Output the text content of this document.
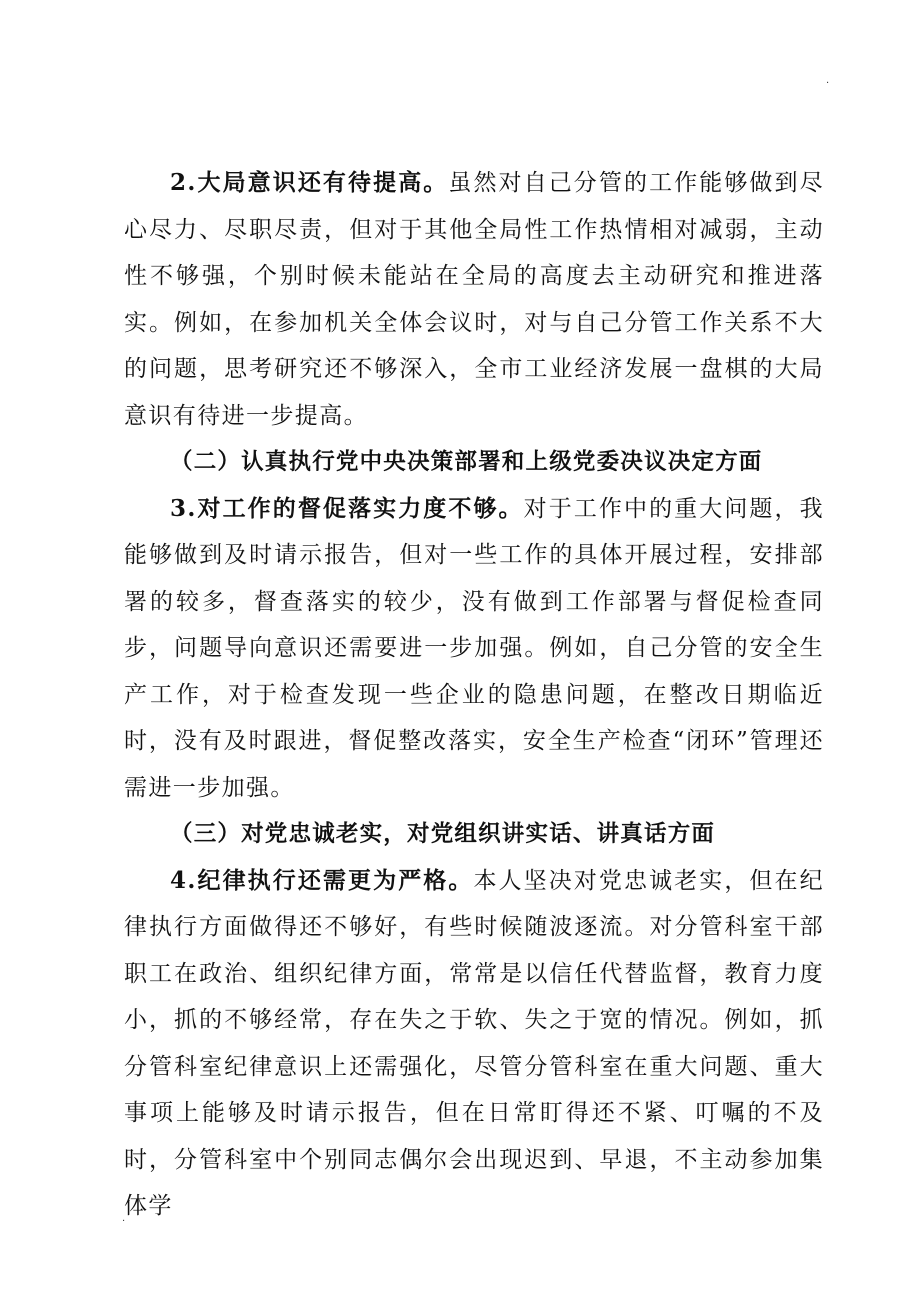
.

2.大局意识还有待提高。虽然对自己分管的工作能够做到尽心尽力、尽职尽责，但对于其他全局性工作热情相对减弱，主动性不够强，个别时候未能站在全局的高度去主动研究和推进落实。例如，在参加机关全体会议时，对与自己分管工作关系不大的问题，思考研究还不够深入，全市工业经济发展一盘棋的大局意识有待进一步提高。

（二）认真执行党中央决策部署和上级党委决议决定方面

3.对工作的督促落实力度不够。对于工作中的重大问题，我能够做到及时请示报告，但对一些工作的具体开展过程，安排部署的较多，督查落实的较少，没有做到工作部署与督促检查同步，问题导向意识还需要进一步加强。例如，自己分管的安全生产工作，对于检查发现一些企业的隐患问题，在整改日期临近时，没有及时跟进，督促整改落实，安全生产检查“闭环”管理还需进一步加强。

（三）对党忠诚老实，对党组织讲实话、讲真话方面

4.纪律执行还需更为严格。本人坚决对党忠诚老实，但在纪律执行方面做得还不够好，有些时候随波逐流。对分管科室干部职工在政治、组织纪律方面，常常是以信任代替监督，教育力度小，抓的不够经常，存在失之于软、失之于宽的情况。例如，抓分管科室纪律意识上还需强化，尽管分管科室在重大问题、重大事项上能够及时请示报告，但在日常盯得还不紧、叮嘱的不及时，分管科室中个别同志偶尔会出现迟到、早退，不主动参加集体学

.
